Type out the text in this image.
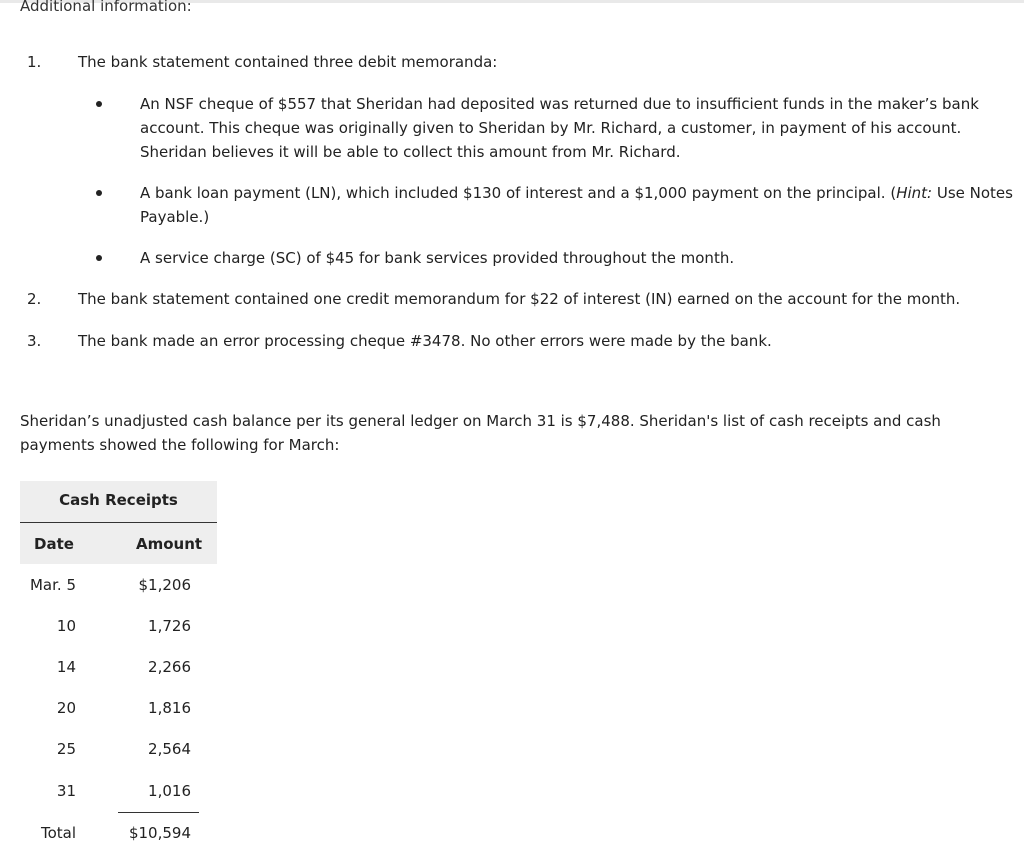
Additional information:
1. The bank statement contained three debit memoranda:
An NSF cheque of $557 that Sheridan had deposited was returned due to insufficient funds in the maker’s bank account. This cheque was originally given to Sheridan by Mr. Richard, a customer, in payment of his account. Sheridan believes it will be able to collect this amount from Mr. Richard.
A bank loan payment (LN), which included $130 of interest and a $1,000 payment on the principal. (Hint: Use Notes Payable.)
A service charge (SC) of $45 for bank services provided throughout the month.
2. The bank statement contained one credit memorandum for $22 of interest (IN) earned on the account for the month.
3. The bank made an error processing cheque #3478. No other errors were made by the bank.
Sheridan’s unadjusted cash balance per its general ledger on March 31 is $7,488. Sheridan's list of cash receipts and cash payments showed the following for March:
Cash Receipts
Date	Amount
Mar. 5	$1,206
10	1,726
14	2,266
20	1,816
25	2,564
31	1,016
Total	$10,594
